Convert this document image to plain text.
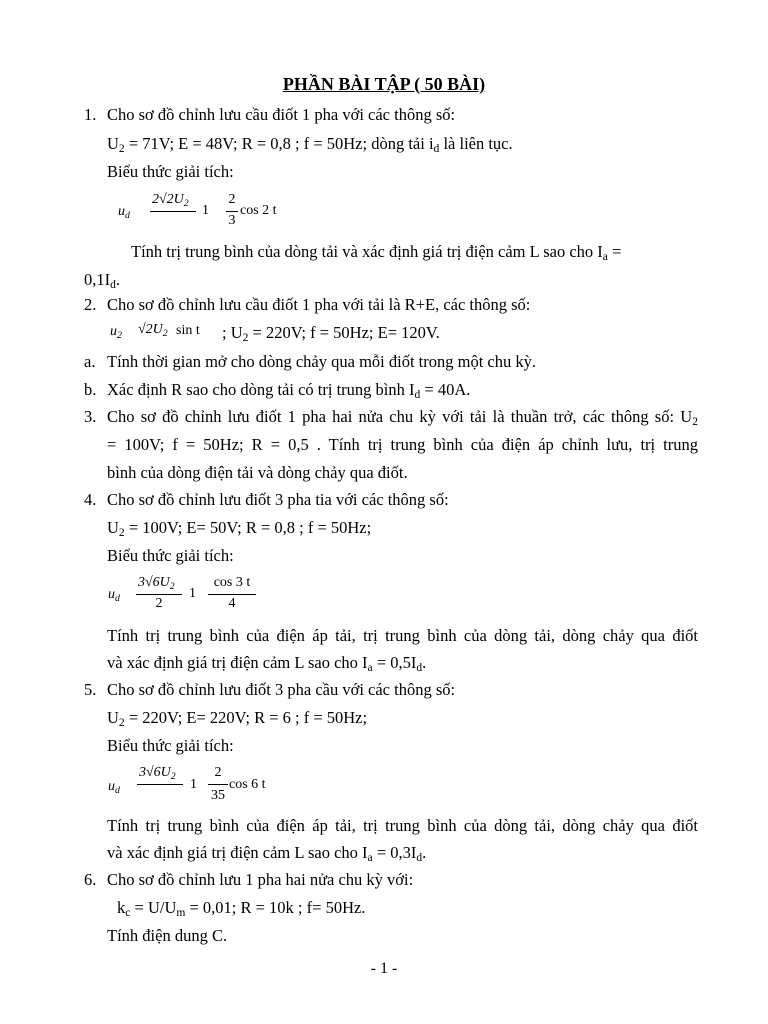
PHẦN BÀI TẬP ( 50 BÀI)
1. Cho sơ đồ chỉnh lưu cầu điốt 1 pha với các thông số:
$U_2 = 71V$; E = 48V; R = 0,8 ; f = 50Hz; dòng tải $i_d$ là liên tục.
Biểu thức giải tích:
$u_d$
$2√2U_2$ 1
2
3
cos 2 t
Tính trị trung bình của dòng tải và xác định giá trị điện cảm L sao cho $I_a$ =
$0,1I_d$.
2. Cho sơ đồ chỉnh lưu cầu điốt 1 pha với tải là R+E, các thông số:
$u_2$ $√2U_2$ sin t ; $U_2 = 220V$; f = 50Hz; E= 120V.
a. Tính thời gian mở cho dòng chảy qua mỗi điốt trong một chu kỳ.
b. Xác định R sao cho dòng tải có trị trung bình $I_d = 40A$.
3. Cho sơ đồ chỉnh lưu điốt 1 pha hai nửa chu kỳ với tải là thuần trở, các thông số: $U_2$
= 100V; f = 50Hz; R = 0,5 . Tính trị trung bình của điện áp chỉnh lưu, trị trung
bình của dòng điện tải và dòng chảy qua điốt.
4. Cho sơ đồ chỉnh lưu điốt 3 pha tia với các thông số:
$U_2 = 100V$; E= 50V; R = 0,8 ; f = 50Hz;
Biểu thức giải tích:
$u_d$
$3√6U_2$
2
1
cos 3 t
4
Tính trị trung bình của điện áp tải, trị trung bình của dòng tải, dòng chảy qua điốt
và xác định giá trị điện cảm L sao cho $I_a = 0,5I_d$.
5. Cho sơ đồ chỉnh lưu điốt 3 pha cầu với các thông số:
$U_2 = 220V$; E= 220V; R = 6 ; f = 50Hz;
Biểu thức giải tích:
$u_d$
$3√6U_2$
1
2
35
cos 6 t
Tính trị trung bình của điện áp tải, trị trung bình của dòng tải, dòng chảy qua điốt
và xác định giá trị điện cảm L sao cho $I_a = 0,3I_d$.
6. Cho sơ đồ chỉnh lưu 1 pha hai nửa chu kỳ với:
$k_c = U/U_m = 0,01$; R = 10k ; f= 50Hz.
Tính điện dung C.
- 1 -
